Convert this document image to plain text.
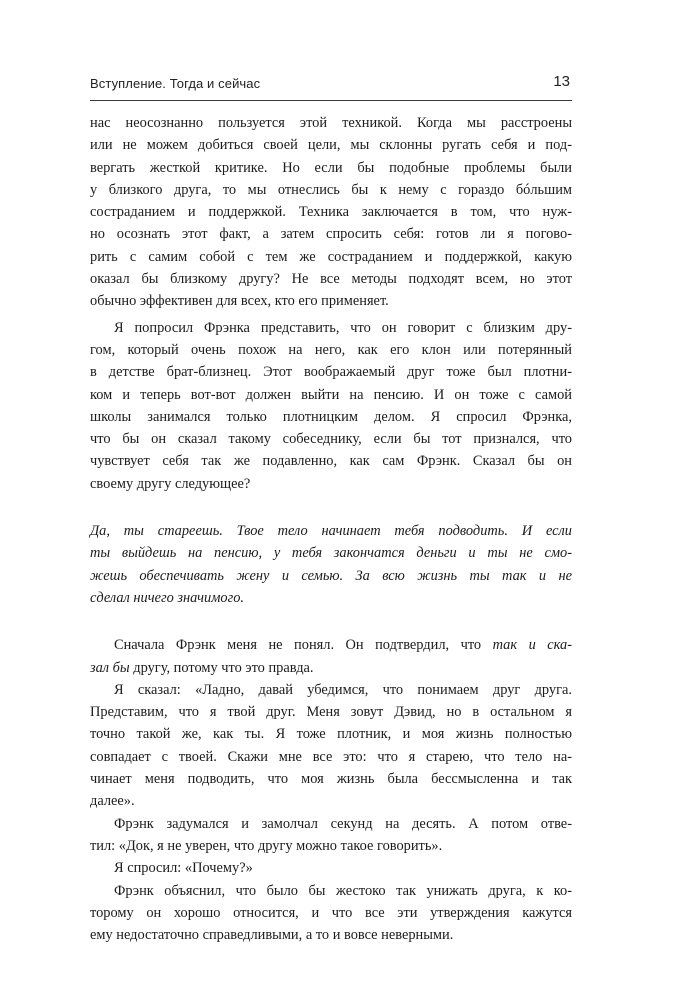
Вступление. Тогда и сейчас	13

нас неосознанно пользуется этой техникой. Когда мы расстроены
или не можем добиться своей цели, мы склонны ругать себя и под-
вергать жесткой критике. Но если бы подобные проблемы были
у близкого друга, то мы отнеслись бы к нему с гораздо бóльшим
состраданием и поддержкой. Техника заключается в том, что нуж-
но осознать этот факт, а затем спросить себя: готов ли я погово-
рить с самим собой с тем же состраданием и поддержкой, какую
оказал бы близкому другу? Не все методы подходят всем, но этот
обычно эффективен для всех, кто его применяет.

Я попросил Фрэнка представить, что он говорит с близким дру-
гом, который очень похож на него, как его клон или потерянный
в детстве брат-близнец. Этот воображаемый друг тоже был плотни-
ком и теперь вот-вот должен выйти на пенсию. И он тоже с самой
школы занимался только плотницким делом. Я спросил Фрэнка,
что бы он сказал такому собеседнику, если бы тот признался, что
чувствует себя так же подавленно, как сам Фрэнк. Сказал бы он
своему другу следующее?

Да, ты стареешь. Твое тело начинает тебя подводить. И если
ты выйдешь на пенсию, у тебя закончатся деньги и ты не смо-
жешь обеспечивать жену и семью. За всю жизнь ты так и не
сделал ничего значимого.

Сначала Фрэнк меня не понял. Он подтвердил, что так и ска-
зал бы другу, потому что это правда.

Я сказал: «Ладно, давай убедимся, что понимаем друг друга.
Представим, что я твой друг. Меня зовут Дэвид, но в остальном я
точно такой же, как ты. Я тоже плотник, и моя жизнь полностью
совпадает с твоей. Скажи мне все это: что я старею, что тело на-
чинает меня подводить, что моя жизнь была бессмысленна и так
далее».

Фрэнк задумался и замолчал секунд на десять. А потом отве-
тил: «Док, я не уверен, что другу можно такое говорить».

Я спросил: «Почему?»

Фрэнк объяснил, что было бы жестоко так унижать друга, к ко-
торому он хорошо относится, и что все эти утверждения кажутся
ему недостаточно справедливыми, а то и вовсе неверными.
